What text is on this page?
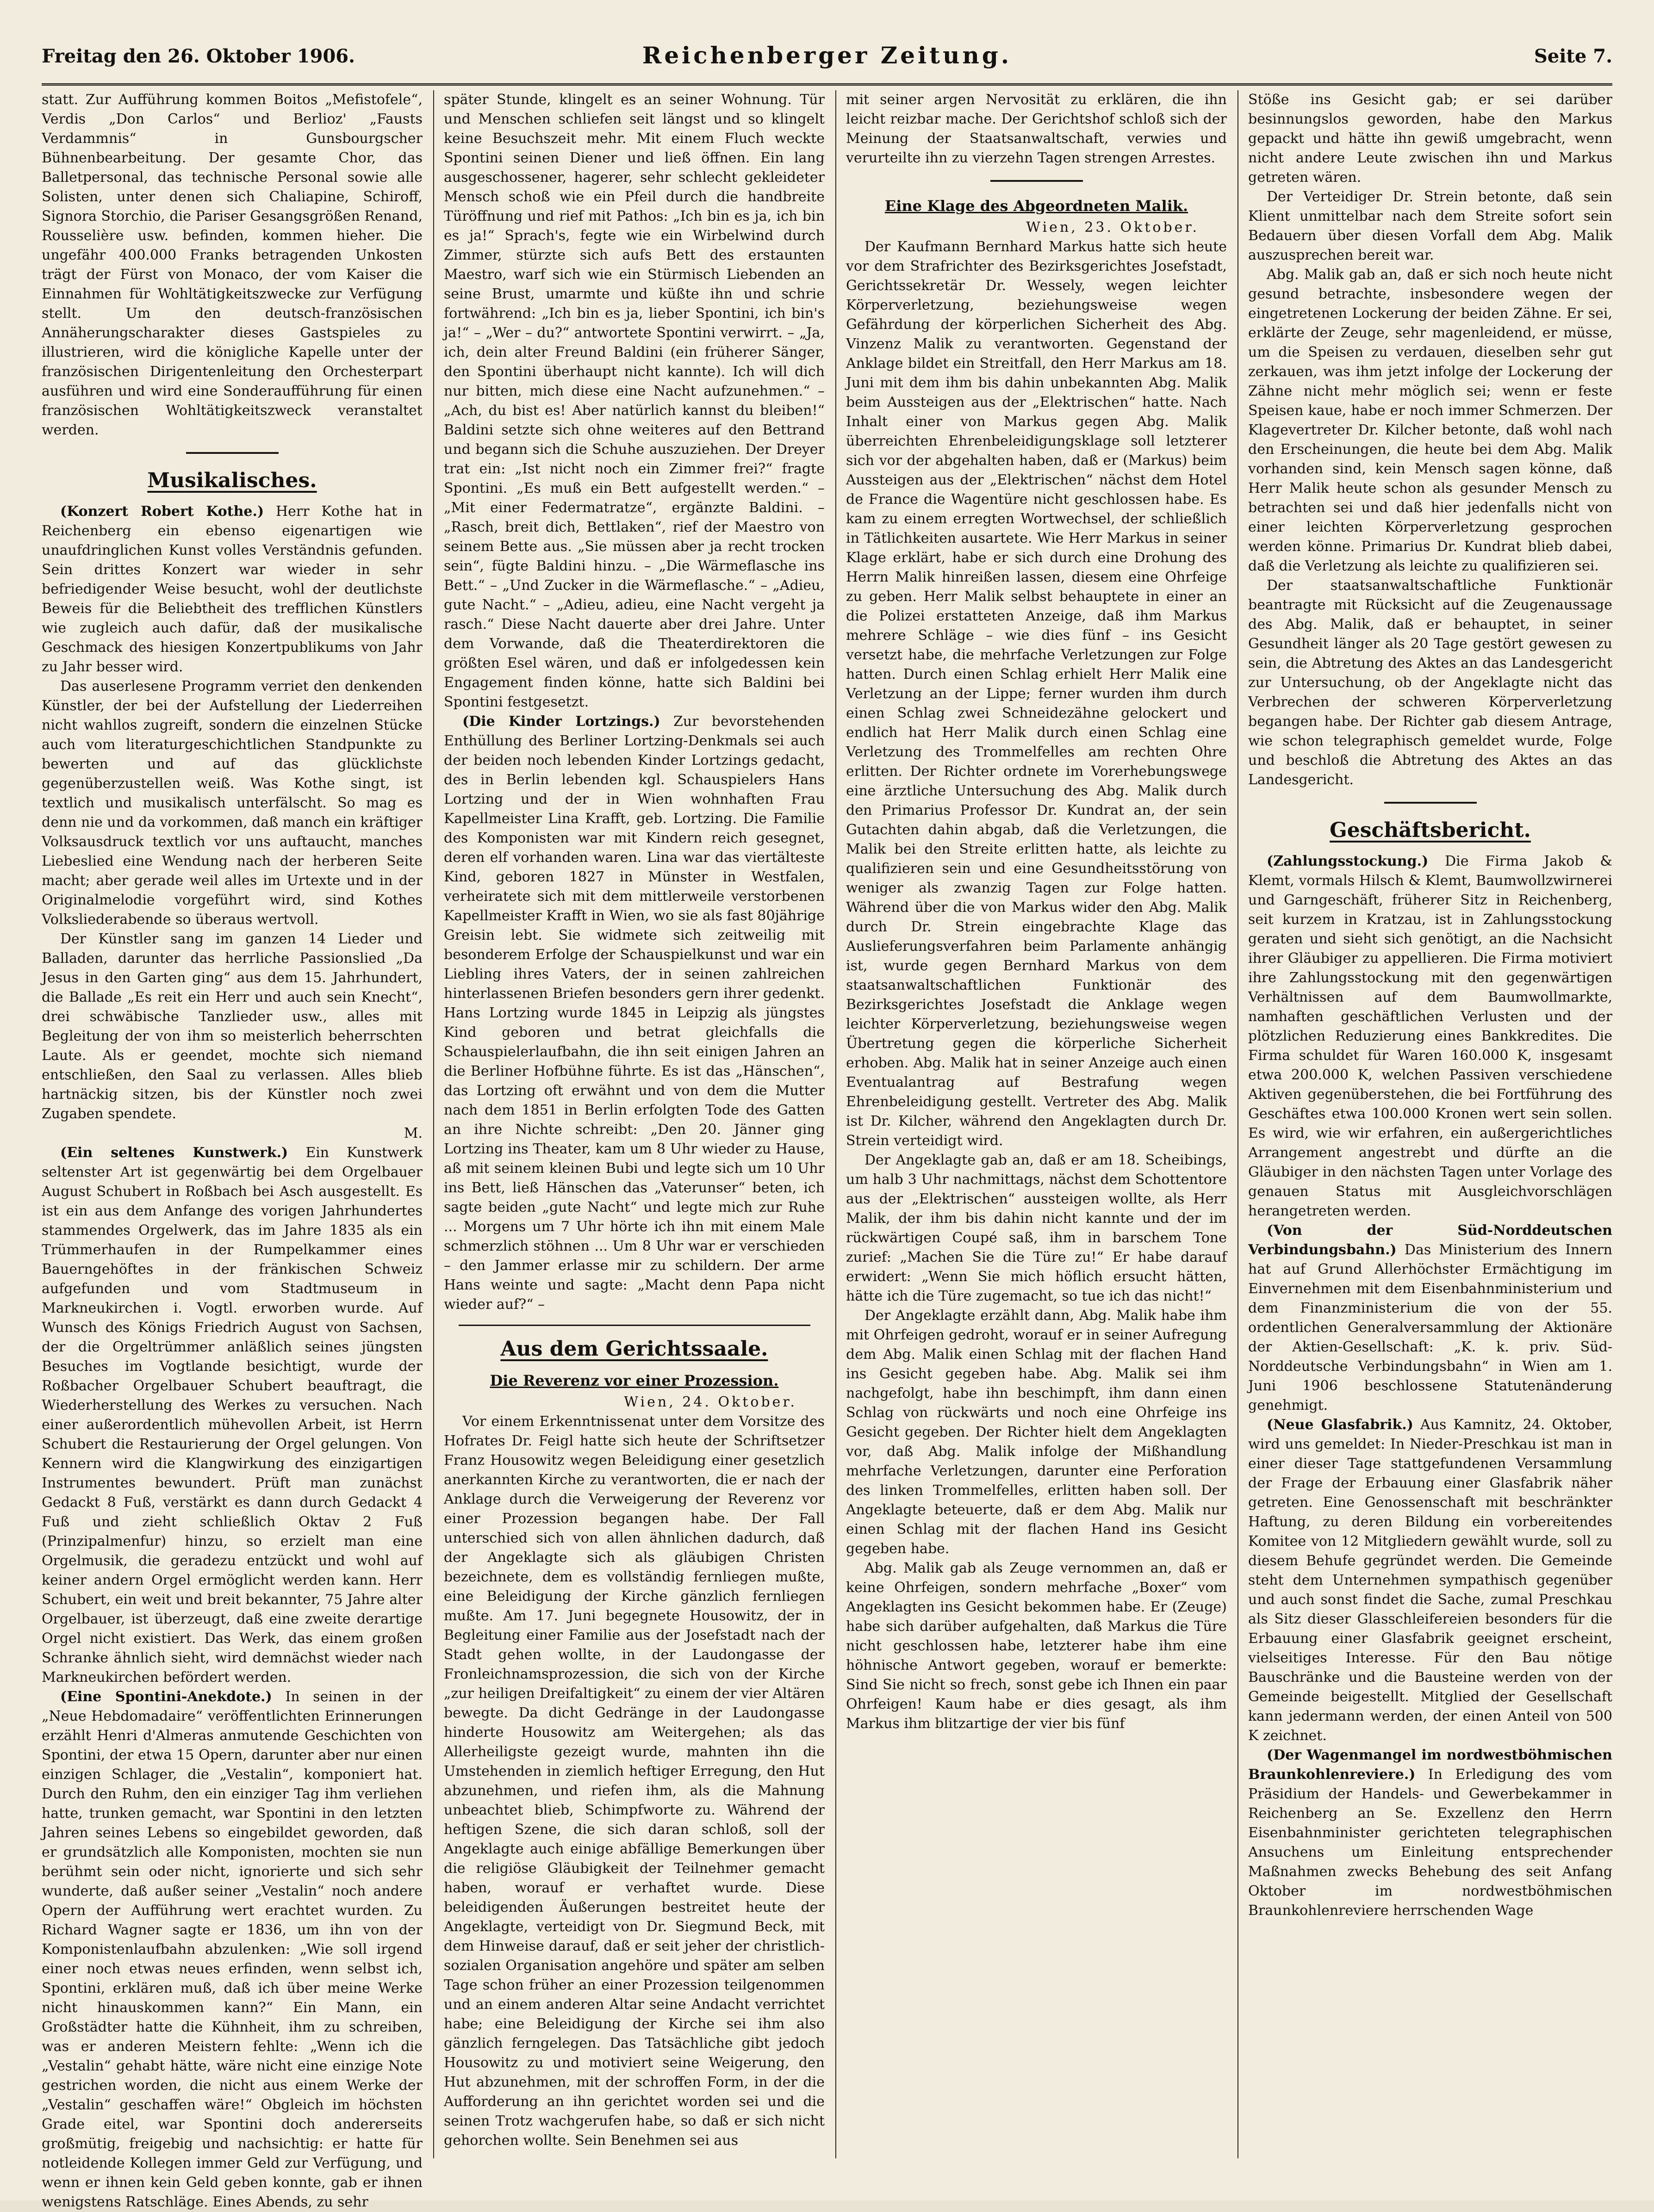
Freitag den 26. Oktober 1906.	Reichenberger Zeitung.	Seite 7.

statt. Zur Aufführung kommen Boitos „Mefistofele“, Verdis „Don Carlos“ und Berlioz' „Fausts Verdammnis“ in Gunsbourgscher Bühnenbearbeitung. Der gesamte Chor, das Balletpersonal, das technische Personal sowie alle Solisten, unter denen sich Chaliapine, Schiroff, Signora Storchio, die Pariser Gesangsgrößen Renand, Rousselière usw. befinden, kommen hieher. Die ungefähr 400.000 Franks betragenden Unkosten trägt der Fürst von Monaco, der vom Kaiser die Einnahmen für Wohltätigkeitszwecke zur Verfügung stellt. Um den deutsch-französischen Annäherungscharakter dieses Gastspieles zu illustrieren, wird die königliche Kapelle unter der französischen Dirigentenleitung den Orchesterpart ausführen und wird eine Sonderaufführung für einen französischen Wohltätigkeitszweck veranstaltet werden.

Musikalisches.

(Konzert Robert Kothe.) Herr Kothe hat in Reichenberg ein ebenso eigenartigen wie unaufdringlichen Kunst volles Verständnis gefunden. Sein drittes Konzert war wieder in sehr befriedigender Weise besucht, wohl der deutlichste Beweis für die Beliebtheit des trefflichen Künstlers wie zugleich auch dafür, daß der musikalische Geschmack des hiesigen Konzertpublikums von Jahr zu Jahr besser wird.

Das auserlesene Programm verriet den denkenden Künstler, der bei der Aufstellung der Liederreihen nicht wahllos zugreift, sondern die einzelnen Stücke auch vom literaturgeschichtlichen Standpunkte zu bewerten und auf das glücklichste gegenüberzustellen weiß. Was Kothe singt, ist textlich und musikalisch unterfälscht. So mag es denn nie und da vorkommen, daß manch ein kräftiger Volksausdruck textlich vor uns auftaucht, manches Liebeslied eine Wendung nach der herberen Seite macht; aber gerade weil alles im Urtexte und in der Originalmelodie vorgeführt wird, sind Kothes Volksliederabende so überaus wertvoll.

Der Künstler sang im ganzen 14 Lieder und Balladen, darunter das herrliche Passionslied „Da Jesus in den Garten ging“ aus dem 15. Jahrhundert, die Ballade „Es reit ein Herr und auch sein Knecht“, drei schwäbische Tanzlieder usw., alles mit Begleitung der von ihm so meisterlich beherrschten Laute. Als er geendet, mochte sich niemand entschließen, den Saal zu verlassen. Alles blieb hartnäckig sitzen, bis der Künstler noch zwei Zugaben spendete.

M.

(Ein seltenes Kunstwerk.) Ein Kunstwerk seltenster Art ist gegenwärtig bei dem Orgelbauer August Schubert in Roßbach bei Asch ausgestellt. Es ist ein aus dem Anfange des vorigen Jahrhundertes stammendes Orgelwerk, das im Jahre 1835 als ein Trümmerhaufen in der Rumpelkammer eines Bauerngehöftes in der fränkischen Schweiz aufgefunden und vom Stadtmuseum in Markneukirchen i. Vogtl. erworben wurde. Auf Wunsch des Königs Friedrich August von Sachsen, der die Orgeltrümmer anläßlich seines jüngsten Besuches im Vogtlande besichtigt, wurde der Roßbacher Orgelbauer Schubert beauftragt, die Wiederherstellung des Werkes zu versuchen. Nach einer außerordentlich mühevollen Arbeit, ist Herrn Schubert die Restaurierung der Orgel gelungen. Von Kennern wird die Klangwirkung des einzigartigen Instrumentes bewundert. Prüft man zunächst Gedackt 8 Fuß, verstärkt es dann durch Gedackt 4 Fuß und zieht schließlich Oktav 2 Fuß (Prinzipalmenfur) hinzu, so erzielt man eine Orgelmusik, die geradezu entzückt und wohl auf keiner andern Orgel ermöglicht werden kann. Herr Schubert, ein weit und breit bekannter, 75 Jahre alter Orgelbauer, ist überzeugt, daß eine zweite derartige Orgel nicht existiert. Das Werk, das einem großen Schranke ähnlich sieht, wird demnächst wieder nach Markneukirchen befördert werden.

(Eine Spontini-Anekdote.) In seinen in der „Neue Hebdomadaire“ veröffentlichten Erinnerungen erzählt Henri d'Almeras anmutende Geschichten von Spontini, der etwa 15 Opern, darunter aber nur einen einzigen Schlager, die „Vestalin“, komponiert hat. Durch den Ruhm, den ein einziger Tag ihm verliehen hatte, trunken gemacht, war Spontini in den letzten Jahren seines Lebens so eingebildet geworden, daß er grundsätzlich alle Komponisten, mochten sie nun berühmt sein oder nicht, ignorierte und sich sehr wunderte, daß außer seiner „Vestalin“ noch andere Opern der Aufführung wert erachtet wurden. Zu Richard Wagner sagte er 1836, um ihn von der Komponistenlaufbahn abzulenken: „Wie soll irgend einer noch etwas neues erfinden, wenn selbst ich, Spontini, erklären muß, daß ich über meine Werke nicht hinauskommen kann?“ Ein Mann, ein Großstädter hatte die Kühnheit, ihm zu schreiben, was er anderen Meistern fehlte: „Wenn ich die „Vestalin“ gehabt hätte, wäre nicht eine einzige Note gestrichen worden, die nicht aus einem Werke der „Vestalin“ geschaffen wäre!“ Obgleich im höchsten Grade eitel, war Spontini doch andererseits großmütig, freigebig und nachsichtig: er hatte für notleidende Kollegen immer Geld zur Verfügung, und wenn er ihnen kein Geld geben konnte, gab er ihnen wenigstens Ratschläge. Eines Abends, zu sehr

später Stunde, klingelt es an seiner Wohnung. Tür und Menschen schliefen seit längst und so klingelt keine Besuchszeit mehr. Mit einem Fluch weckte Spontini seinen Diener und ließ öffnen. Ein lang ausgeschossener, hagerer, sehr schlecht gekleideter Mensch schoß wie ein Pfeil durch die handbreite Türöffnung und rief mit Pathos: „Ich bin es ja, ich bin es ja!“ Sprach's, fegte wie ein Wirbelwind durch Zimmer, stürzte sich aufs Bett des erstaunten Maestro, warf sich wie ein Stürmisch Liebenden an seine Brust, umarmte und küßte ihn und schrie fortwährend: „Ich bin es ja, lieber Spontini, ich bin's ja!“ – „Wer – du?“ antwortete Spontini verwirrt. – „Ja, ich, dein alter Freund Baldini (ein früherer Sänger, den Spontini überhaupt nicht kannte). Ich will dich nur bitten, mich diese eine Nacht aufzunehmen.“ – „Ach, du bist es! Aber natürlich kannst du bleiben!“ Baldini setzte sich ohne weiteres auf den Bettrand und begann sich die Schuhe auszuziehen. Der Dreyer trat ein: „Ist nicht noch ein Zimmer frei?“ fragte Spontini. „Es muß ein Bett aufgestellt werden.“ – „Mit einer Federmatratze“, ergänzte Baldini. – „Rasch, breit dich, Bettlaken“, rief der Maestro von seinem Bette aus. „Sie müssen aber ja recht trocken sein“, fügte Baldini hinzu. – „Die Wärmeflasche ins Bett.“ – „Und Zucker in die Wärmeflasche.“ – „Adieu, gute Nacht.“ – „Adieu, adieu, eine Nacht vergeht ja rasch.“ Diese Nacht dauerte aber drei Jahre. Unter dem Vorwande, daß die Theaterdirektoren die größten Esel wären, und daß er infolgedessen kein Engagement finden könne, hatte sich Baldini bei Spontini festgesetzt.

(Die Kinder Lortzings.) Zur bevorstehenden Enthüllung des Berliner Lortzing-Denkmals sei auch der beiden noch lebenden Kinder Lortzings gedacht, des in Berlin lebenden kgl. Schauspielers Hans Lortzing und der in Wien wohnhaften Frau Kapellmeister Lina Krafft, geb. Lortzing. Die Familie des Komponisten war mit Kindern reich gesegnet, deren elf vorhanden waren. Lina war das viertälteste Kind, geboren 1827 in Münster in Westfalen, verheiratete sich mit dem mittlerweile verstorbenen Kapellmeister Krafft in Wien, wo sie als fast 80jährige Greisin lebt. Sie widmete sich zeitweilig mit besonderem Erfolge der Schauspielkunst und war ein Liebling ihres Vaters, der in seinen zahlreichen hinterlassenen Briefen besonders gern ihrer gedenkt. Hans Lortzing wurde 1845 in Leipzig als jüngstes Kind geboren und betrat gleichfalls die Schauspielerlaufbahn, die ihn seit einigen Jahren an die Berliner Hofbühne führte. Es ist das „Hänschen“, das Lortzing oft erwähnt und von dem die Mutter nach dem 1851 in Berlin erfolgten Tode des Gatten an ihre Nichte schreibt: „Den 20. Jänner ging Lortzing ins Theater, kam um 8 Uhr wieder zu Hause, aß mit seinem kleinen Bubi und legte sich um 10 Uhr ins Bett, ließ Hänschen das „Vaterunser“ beten, ich sagte beiden „gute Nacht“ und legte mich zur Ruhe ... Morgens um 7 Uhr hörte ich ihn mit einem Male schmerzlich stöhnen ... Um 8 Uhr war er verschieden – den Jammer erlasse mir zu schildern. Der arme Hans weinte und sagte: „Macht denn Papa nicht wieder auf?“ –

Aus dem Gerichtssaale.
Die Reverenz vor einer Prozession.
Wien, 24. Oktober.

Vor einem Erkenntnissenat unter dem Vorsitze des Hofrates Dr. Feigl hatte sich heute der Schriftsetzer Franz Housowitz wegen Beleidigung einer gesetzlich anerkannten Kirche zu verantworten, die er nach der Anklage durch die Verweigerung der Reverenz vor einer Prozession begangen habe. Der Fall unterschied sich von allen ähnlichen dadurch, daß der Angeklagte sich als gläubigen Christen bezeichnete, dem es vollständig fernliegen mußte, eine Beleidigung der Kirche gänzlich fernliegen mußte. Am 17. Juni begegnete Housowitz, der in Begleitung einer Familie aus der Josefstadt nach der Stadt gehen wollte, in der Laudongasse der Fronleichnamsprozession, die sich von der Kirche „zur heiligen Dreifaltigkeit“ zu einem der vier Altären bewegte. Da dicht Gedränge in der Laudongasse hinderte Housowitz am Weitergehen; als das Allerheiligste gezeigt wurde, mahnten ihn die Umstehenden in ziemlich heftiger Erregung, den Hut abzunehmen, und riefen ihm, als die Mahnung unbeachtet blieb, Schimpfworte zu. Während der heftigen Szene, die sich daran schloß, soll der Angeklagte auch einige abfällige Bemerkungen über die religiöse Gläubigkeit der Teilnehmer gemacht haben, worauf er verhaftet wurde. Diese beleidigenden Äußerungen bestreitet heute der Angeklagte, verteidigt von Dr. Siegmund Beck, mit dem Hinweise darauf, daß er seit jeher der christlich-sozialen Organisation angehöre und später am selben Tage schon früher an einer Prozession teilgenommen und an einem anderen Altar seine Andacht verrichtet habe; eine Beleidigung der Kirche sei ihm also gänzlich ferngelegen. Das Tatsächliche gibt jedoch Housowitz zu und motiviert seine Weigerung, den Hut abzunehmen, mit der schroffen Form, in der die Aufforderung an ihn gerichtet worden sei und die seinen Trotz wachgerufen habe, so daß er sich nicht gehorchen wollte. Sein Benehmen sei aus

mit seiner argen Nervosität zu erklären, die ihn leicht reizbar mache. Der Gerichtshof schloß sich der Meinung der Staatsanwaltschaft, verwies und verurteilte ihn zu vierzehn Tagen strengen Arrestes.

Eine Klage des Abgeordneten Malik.
Wien, 23. Oktober.

Der Kaufmann Bernhard Markus hatte sich heute vor dem Strafrichter des Bezirksgerichtes Josefstadt, Gerichtssekretär Dr. Wessely, wegen leichter Körperverletzung, beziehungsweise wegen Gefährdung der körperlichen Sicherheit des Abg. Vinzenz Malik zu verantworten. Gegenstand der Anklage bildet ein Streitfall, den Herr Markus am 18. Juni mit dem ihm bis dahin unbekannten Abg. Malik beim Aussteigen aus der „Elektrischen“ hatte. Nach Inhalt einer von Markus gegen Abg. Malik überreichten Ehrenbeleidigungsklage soll letzterer sich vor der abgehalten haben, daß er (Markus) beim Aussteigen aus der „Elektrischen“ nächst dem Hotel de France die Wagentüre nicht geschlossen habe. Es kam zu einem erregten Wortwechsel, der schließlich in Tätlichkeiten ausartete. Wie Herr Markus in seiner Klage erklärt, habe er sich durch eine Drohung des Herrn Malik hinreißen lassen, diesem eine Ohrfeige zu geben. Herr Malik selbst behauptete in einer an die Polizei erstatteten Anzeige, daß ihm Markus mehrere Schläge – wie dies fünf – ins Gesicht versetzt habe, die mehrfache Verletzungen zur Folge hatten. Durch einen Schlag erhielt Herr Malik eine Verletzung an der Lippe; ferner wurden ihm durch einen Schlag zwei Schneidezähne gelockert und endlich hat Herr Malik durch einen Schlag eine Verletzung des Trommelfelles am rechten Ohre erlitten. Der Richter ordnete im Vorerhebungswege eine ärztliche Untersuchung des Abg. Malik durch den Primarius Professor Dr. Kundrat an, der sein Gutachten dahin abgab, daß die Verletzungen, die Malik bei den Streite erlitten hatte, als leichte zu qualifizieren sein und eine Gesundheitsstörung von weniger als zwanzig Tagen zur Folge hatten. Während über die von Markus wider den Abg. Malik durch Dr. Strein eingebrachte Klage das Auslieferungsverfahren beim Parlamente anhängig ist, wurde gegen Bernhard Markus von dem staatsanwaltschaftlichen Funktionär des Bezirksgerichtes Josefstadt die Anklage wegen leichter Körperverletzung, beziehungsweise wegen Übertretung gegen die körperliche Sicherheit erhoben. Abg. Malik hat in seiner Anzeige auch einen Eventualantrag auf Bestrafung wegen Ehrenbeleidigung gestellt. Vertreter des Abg. Malik ist Dr. Kilcher, während den Angeklagten durch Dr. Strein verteidigt wird.

Der Angeklagte gab an, daß er am 18. Scheibings, um halb 3 Uhr nachmittags, nächst dem Schottentore aus der „Elektrischen“ aussteigen wollte, als Herr Malik, der ihm bis dahin nicht kannte und der im rückwärtigen Coupé saß, ihm in barschem Tone zurief: „Machen Sie die Türe zu!“ Er habe darauf erwidert: „Wenn Sie mich höflich ersucht hätten, hätte ich die Türe zugemacht, so tue ich das nicht!“

Der Angeklagte erzählt dann, Abg. Malik habe ihm mit Ohrfeigen gedroht, worauf er in seiner Aufregung dem Abg. Malik einen Schlag mit der flachen Hand ins Gesicht gegeben habe. Abg. Malik sei ihm nachgefolgt, habe ihn beschimpft, ihm dann einen Schlag von rückwärts und noch eine Ohrfeige ins Gesicht gegeben. Der Richter hielt dem Angeklagten vor, daß Abg. Malik infolge der Mißhandlung mehrfache Verletzungen, darunter eine Perforation des linken Trommelfelles, erlitten haben soll. Der Angeklagte beteuerte, daß er dem Abg. Malik nur einen Schlag mit der flachen Hand ins Gesicht gegeben habe.

Abg. Malik gab als Zeuge vernommen an, daß er keine Ohrfeigen, sondern mehrfache „Boxer“ vom Angeklagten ins Gesicht bekommen habe. Er (Zeuge) habe sich darüber aufgehalten, daß Markus die Türe nicht geschlossen habe, letzterer habe ihm eine höhnische Antwort gegeben, worauf er bemerkte: Sind Sie nicht so frech, sonst gebe ich Ihnen ein paar Ohrfeigen! Kaum habe er dies gesagt, als ihm Markus ihm blitzartige der vier bis fünf

Stöße ins Gesicht gab; er sei darüber besinnungslos geworden, habe den Markus gepackt und hätte ihn gewiß umgebracht, wenn nicht andere Leute zwischen ihn und Markus getreten wären.

Der Verteidiger Dr. Strein betonte, daß sein Klient unmittelbar nach dem Streite sofort sein Bedauern über diesen Vorfall dem Abg. Malik auszusprechen bereit war.

Abg. Malik gab an, daß er sich noch heute nicht gesund betrachte, insbesondere wegen der eingetretenen Lockerung der beiden Zähne. Er sei, erklärte der Zeuge, sehr magenleidend, er müsse, um die Speisen zu verdauen, dieselben sehr gut zerkauen, was ihm jetzt infolge der Lockerung der Zähne nicht mehr möglich sei; wenn er feste Speisen kaue, habe er noch immer Schmerzen. Der Klagevertreter Dr. Kilcher betonte, daß wohl nach den Erscheinungen, die heute bei dem Abg. Malik vorhanden sind, kein Mensch sagen könne, daß Herr Malik heute schon als gesunder Mensch zu betrachten sei und daß hier jedenfalls nicht von einer leichten Körperverletzung gesprochen werden könne. Primarius Dr. Kundrat blieb dabei, daß die Verletzung als leichte zu qualifizieren sei.

Der staatsanwaltschaftliche Funktionär beantragte mit Rücksicht auf die Zeugenaussage des Abg. Malik, daß er behauptet, in seiner Gesundheit länger als 20 Tage gestört gewesen zu sein, die Abtretung des Aktes an das Landesgericht zur Untersuchung, ob der Angeklagte nicht das Verbrechen der schweren Körperverletzung begangen habe. Der Richter gab diesem Antrage, wie schon telegraphisch gemeldet wurde, Folge und beschloß die Abtretung des Aktes an das Landesgericht.

Geschäftsbericht.

(Zahlungsstockung.) Die Firma Jakob & Klemt, vormals Hilsch & Klemt, Baumwollzwirnerei und Garngeschäft, früherer Sitz in Reichenberg, seit kurzem in Kratzau, ist in Zahlungsstockung geraten und sieht sich genötigt, an die Nachsicht ihrer Gläubiger zu appellieren. Die Firma motiviert ihre Zahlungsstockung mit den gegenwärtigen Verhältnissen auf dem Baumwollmarkte, namhaften geschäftlichen Verlusten und der plötzlichen Reduzierung eines Bankkredites. Die Firma schuldet für Waren 160.000 K, insgesamt etwa 200.000 K, welchen Passiven verschiedene Aktiven gegenüberstehen, die bei Fortführung des Geschäftes etwa 100.000 Kronen wert sein sollen. Es wird, wie wir erfahren, ein außergerichtliches Arrangement angestrebt und dürfte an die Gläubiger in den nächsten Tagen unter Vorlage des genauen Status mit Ausgleichvorschlägen herangetreten werden.

(Von der Süd-Norddeutschen Verbindungsbahn.) Das Ministerium des Innern hat auf Grund Allerhöchster Ermächtigung im Einvernehmen mit dem Eisenbahnministerium und dem Finanzministerium die von der 55. ordentlichen Generalversammlung der Aktionäre der Aktien-Gesellschaft: „K. k. priv. Süd-Norddeutsche Verbindungsbahn“ in Wien am 1. Juni 1906 beschlossene Statutenänderung genehmigt.

(Neue Glasfabrik.) Aus Kamnitz, 24. Oktober, wird uns gemeldet: In Nieder-Preschkau ist man in einer dieser Tage stattgefundenen Versammlung der Frage der Erbauung einer Glasfabrik näher getreten. Eine Genossenschaft mit beschränkter Haftung, zu deren Bildung ein vorbereitendes Komitee von 12 Mitgliedern gewählt wurde, soll zu diesem Behufe gegründet werden. Die Gemeinde steht dem Unternehmen sympathisch gegenüber und auch sonst findet die Sache, zumal Preschkau als Sitz dieser Glasschleifereien besonders für die Erbauung einer Glasfabrik geeignet erscheint, vielseitiges Interesse. Für den Bau nötige Bauschränke und die Bausteine werden von der Gemeinde beigestellt. Mitglied der Gesellschaft kann jedermann werden, der einen Anteil von 500 K zeichnet.

(Der Wagenmangel im nordwestböhmischen Braunkohlenreviere.) In Erledigung des vom Präsidium der Handels- und Gewerbekammer in Reichenberg an Se. Exzellenz den Herrn Eisenbahnminister gerichteten telegraphischen Ansuchens um Einleitung entsprechender Maßnahmen zwecks Behebung des seit Anfang Oktober im nordwestböhmischen Braunkohlenreviere herrschenden Wage
